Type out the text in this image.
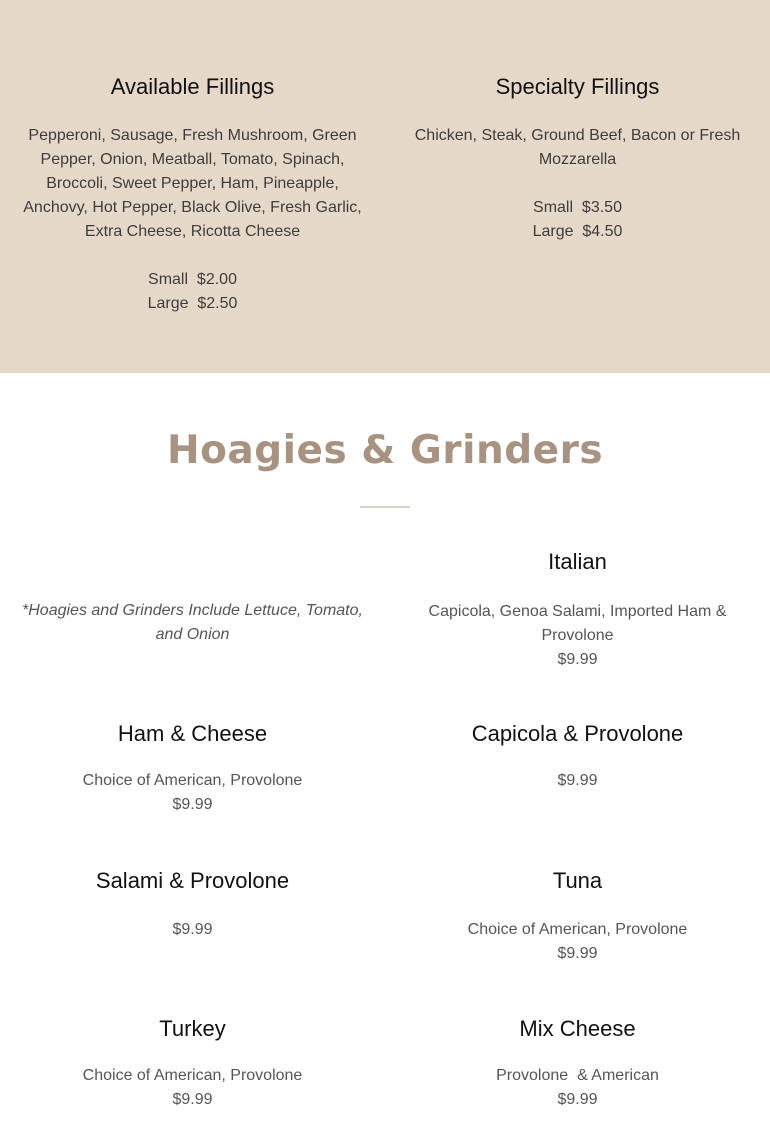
Available Fillings
Pepperoni, Sausage, Fresh Mushroom, Green Pepper, Onion, Meatball, Tomato, Spinach, Broccoli, Sweet Pepper, Ham, Pineapple, Anchovy, Hot Pepper, Black Olive, Fresh Garlic, Extra Cheese, Ricotta Cheese
Small  $2.00
Large  $2.50
Specialty Fillings
Chicken, Steak, Ground Beef, Bacon or Fresh Mozzarella
Small  $3.50
Large  $4.50
Hoagies & Grinders
*Hoagies and Grinders Include Lettuce, Tomato, and Onion
Italian
Capicola, Genoa Salami, Imported Ham & Provolone
$9.99
Ham & Cheese
Choice of American, Provolone
$9.99
Capicola & Provolone
$9.99
Salami & Provolone
$9.99
Tuna
Choice of American, Provolone
$9.99
Turkey
Choice of American, Provolone
$9.99
Mix Cheese
Provolone  & American
$9.99
